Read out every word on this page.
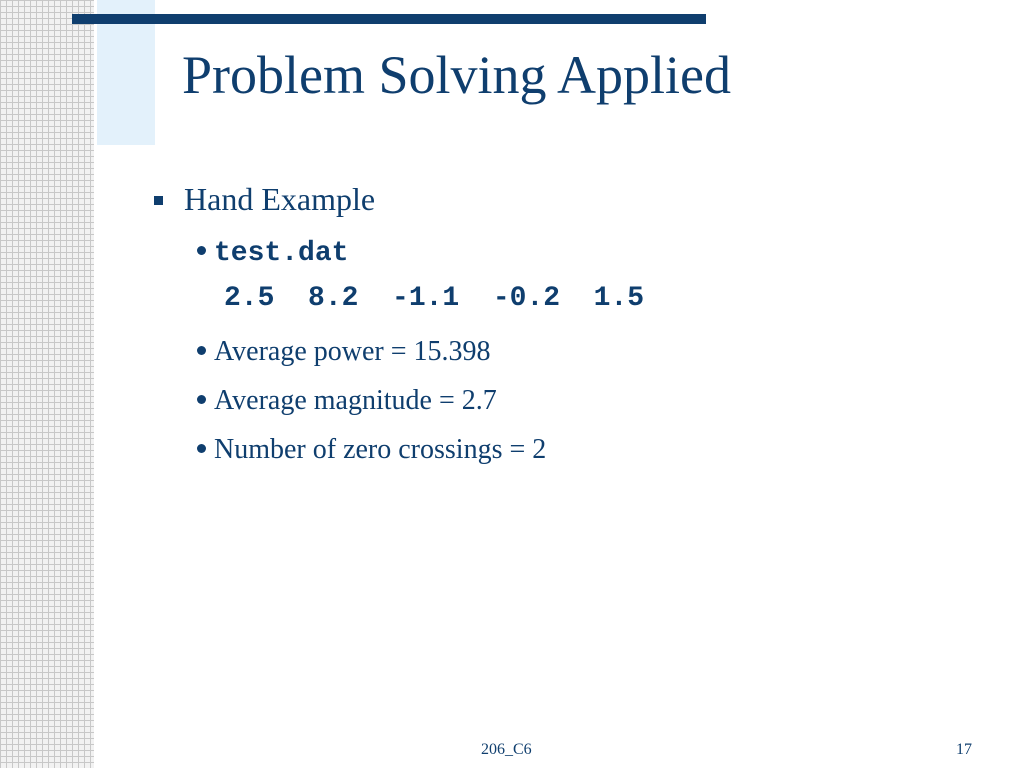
Problem Solving Applied
Hand Example
test.dat
2.5  8.2  -1.1  -0.2  1.5
Average power = 15.398
Average magnitude = 2.7
Number of zero crossings = 2
206_C6	17
